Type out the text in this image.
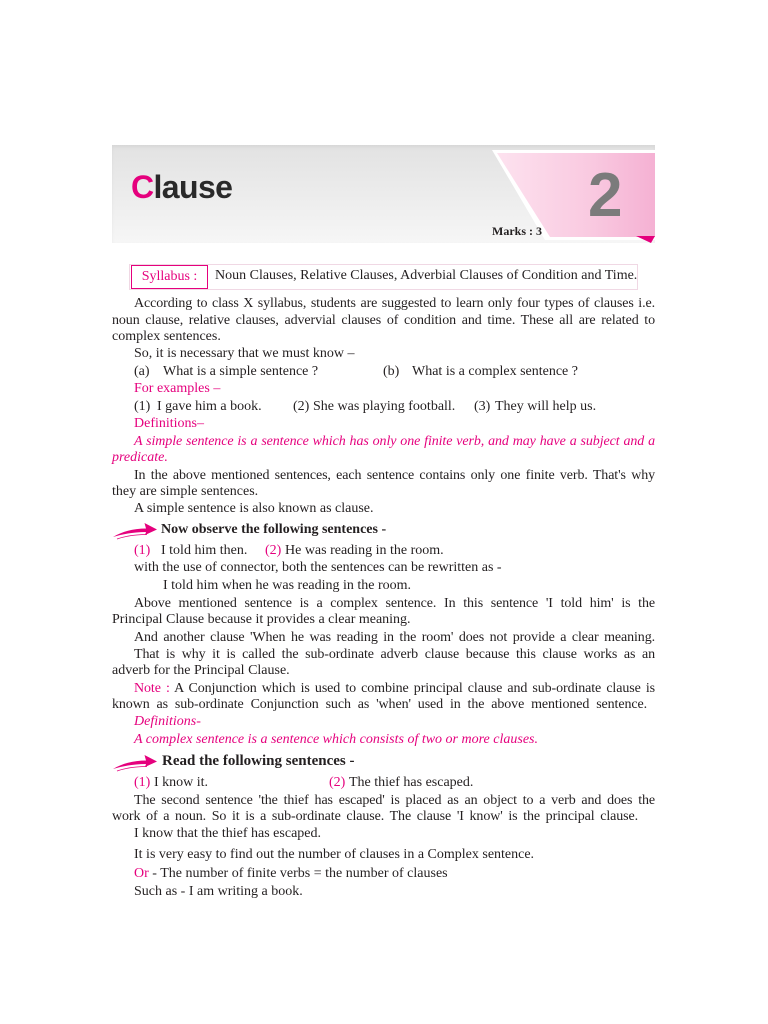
Clause	2
Marks : 3
Syllabus :	Noun Clauses, Relative Clauses, Adverbial Clauses of Condition and Time.
According to class X syllabus, students are suggested to learn only four types of clauses i.e.
noun clause, relative clauses, advervial clauses of condition and time. These all are related to
complex sentences.
So, it is necessary that we must know –
(a) What is a simple sentence ?	(b) What is a complex sentence ?
For examples –
(1) I gave him a book. (2) She was playing football. (3) They will help us.
Definitions–
A simple sentence is a sentence which has only one finite verb, and may have a subject and a
predicate.
In the above mentioned sentences, each sentence contains only one finite verb. That's why
they are simple sentences.
A simple sentence is also known as clause.
Now observe the following sentences -
(1) I told him then. (2) He was reading in the room.
with the use of connector, both the sentences can be rewritten as -
I told him when he was reading in the room.
Above mentioned sentence is a complex sentence. In this sentence 'I told him' is the
Principal Clause because it provides a clear meaning.
And another clause 'When he was reading in the room' does not provide a clear meaning.
That is why it is called the sub-ordinate adverb clause because this clause works as an
adverb for the Principal Clause.
Note : A Conjunction which is used to combine principal clause and sub-ordinate clause is
known as sub-ordinate Conjunction such as 'when' used in the above mentioned sentence.
Definitions-
A complex sentence is a sentence which consists of two or more clauses.
Read the following sentences -
(1) I know it.	(2) The thief has escaped.
The second sentence 'the thief has escaped' is placed as an object to a verb and does the
work of a noun. So it is a sub-ordinate clause. The clause 'I know' is the principal clause.
I know that the thief has escaped.
It is very easy to find out the number of clauses in a Complex sentence.
Or - The number of finite verbs = the number of clauses
Such as - I am writing a book.
